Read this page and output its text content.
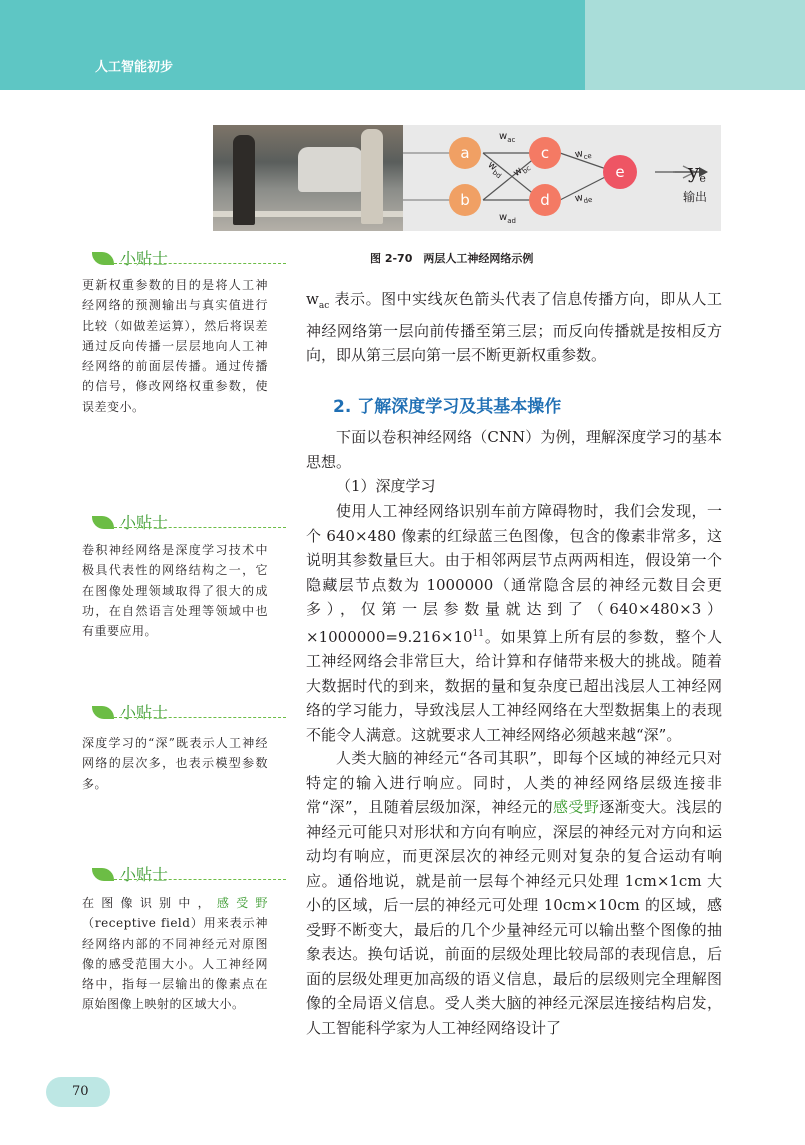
人工智能初步
a
b
c
d
e
$w_{ac}$
$w_{ad}$
$w_{bd}$ $w_{bc}$
$w_{ce}$
$w_{de}$
$y_e$
输出
图 2-70　两层人工神经网络示例
小贴士
更新权重参数的目的是将人工神经网络的预测输出与真实值进行比较（如做差运算），然后将误差通过反向传播一层层地向人工神经网络的前面层传播。通过传播的信号，修改网络权重参数，使误差变小。
小贴士
卷积神经网络是深度学习技术中极具代表性的网络结构之一，它在图像处理领域取得了很大的成功，在自然语言处理等领域中也有重要应用。
小贴士
深度学习的“深”既表示人工神经网络的层次多，也表示模型参数多。
小贴士
在图像识别中，感受野（receptive field）用来表示神经网络内部的不同神经元对原图像的感受范围大小。人工神经网络中，指每一层输出的像素点在原始图像上映射的区域大小。
$w_{ac}$ 表示。图中实线灰色箭头代表了信息传播方向，即从人工神经网络第一层向前传播至第三层；而反向传播就是按相反方向，即从第三层向第一层不断更新权重参数。
2. 了解深度学习及其基本操作
下面以卷积神经网络（CNN）为例，理解深度学习的基本思想。
（1）深度学习
使用人工神经网络识别车前方障碍物时，我们会发现，一个 640×480 像素的红绿蓝三色图像，包含的像素非常多，这说明其参数量巨大。由于相邻两层节点两两相连，假设第一个隐藏层节点数为 1000000（通常隐含层的神经元数目会更多），仅第一层参数量就达到了$(640\times 480\times 3)\times 1000000=9.216\times 10^{11}$。如果算上所有层的参数，整个人工神经网络会非常巨大，给计算和存储带来极大的挑战。随着大数据时代的到来，数据的量和复杂度已超出浅层人工神经网络的学习能力，导致浅层人工神经网络在大型数据集上的表现不能令人满意。这就要求人工神经网络必须越来越“深”。
人类大脑的神经元“各司其职”，即每个区域的神经元只对特定的输入进行响应。同时，人类的神经网络层级连接非常“深”，且随着层级加深，神经元的感受野逐渐变大。浅层的神经元可能只对形状和方向有响应，深层的神经元对方向和运动均有响应，而更深层次的神经元则对复杂的复合运动有响应。通俗地说，就是前一层每个神经元只处理 1cm×1cm 大小的区域，后一层的神经元可处理 10cm×10cm 的区域，感受野不断变大，最后的几个少量神经元可以输出整个图像的抽象表达。换句话说，前面的层级处理比较局部的表现信息，后面的层级处理更加高级的语义信息，最后的层级则完全理解图像的全局语义信息。受人类大脑的神经元深层连接结构启发，人工智能科学家为人工神经网络设计了
70
